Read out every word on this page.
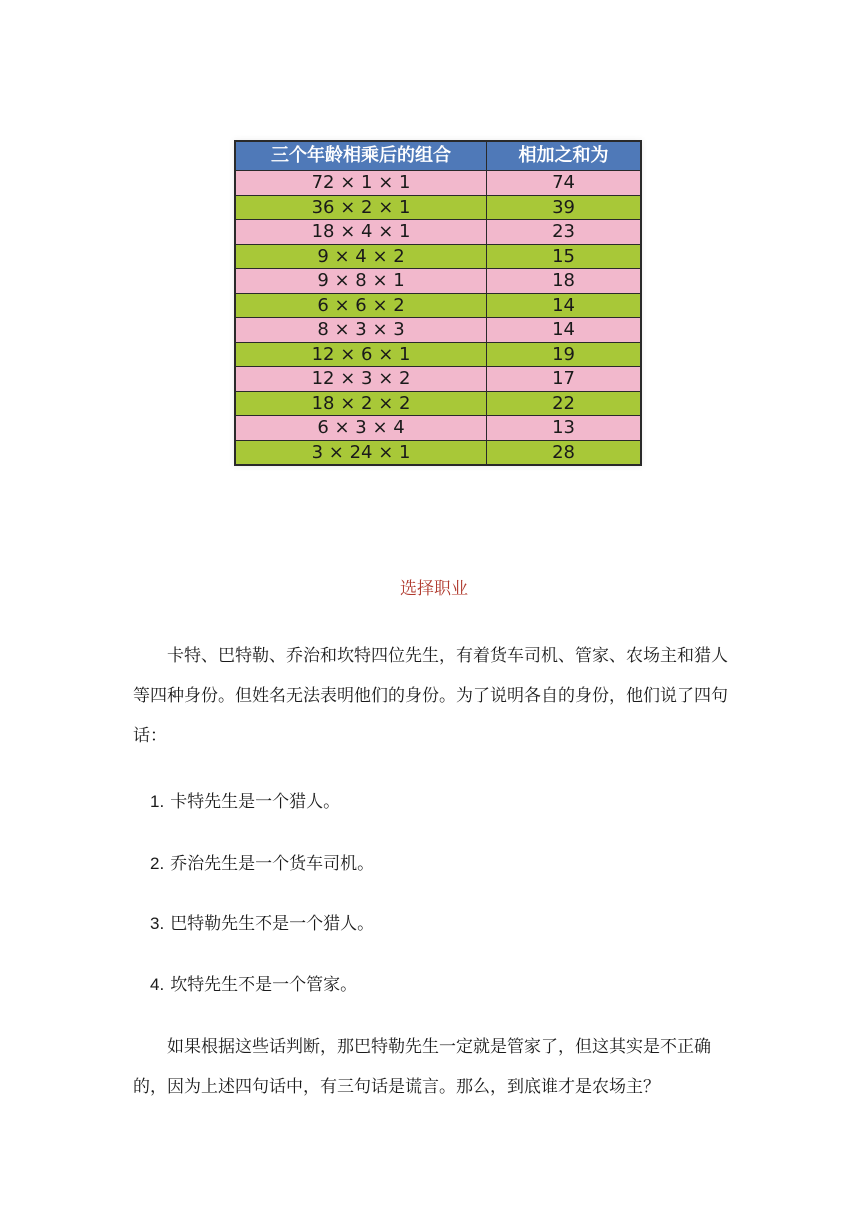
三个年龄相乘后的组合	相加之和为
72 × 1 × 1	74
36 × 2 × 1	39
18 × 4 × 1	23
9 × 4 × 2	15
9 × 8 × 1	18
6 × 6 × 2	14
8 × 3 × 3	14
12 × 6 × 1	19
12 × 3 × 2	17
18 × 2 × 2	22
6 × 3 × 4	13
3 × 24 × 1	28
选择职业

卡特、巴特勒、乔治和坎特四位先生，有着货车司机、管家、农场主和猎人等四种身份。但姓名无法表明他们的身份。为了说明各自的身份，他们说了四句话：

1. 卡特先生是一个猎人。
2. 乔治先生是一个货车司机。
3. 巴特勒先生不是一个猎人。
4. 坎特先生不是一个管家。

如果根据这些话判断，那巴特勒先生一定就是管家了，但这其实是不正确的，因为上述四句话中，有三句话是谎言。那么，到底谁才是农场主？
